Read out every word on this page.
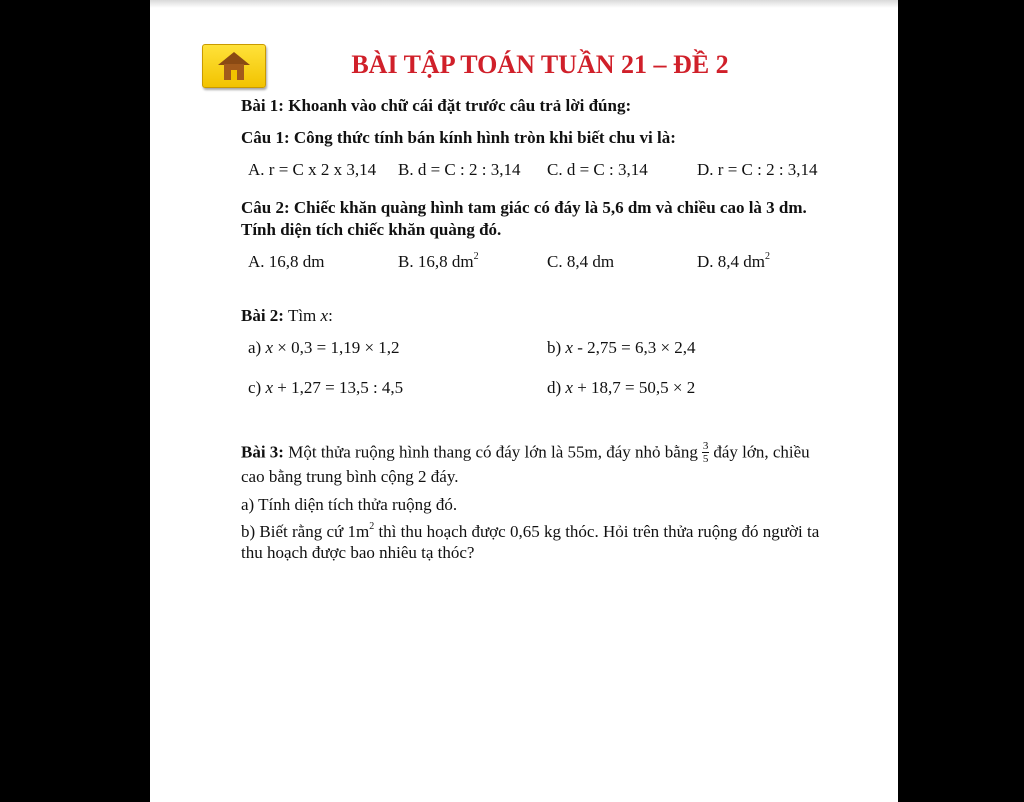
BÀI TẬP TOÁN TUẦN 21 – ĐỀ 2
Bài 1: Khoanh vào chữ cái đặt trước câu trả lời đúng:
Câu 1: Công thức tính bán kính hình tròn khi biết chu vi là:
A. r = C x 2 x 3,14 B. d = C : 2 : 3,14 C. d = C : 3,14	D. r = C : 2 : 3,14
Câu 2: Chiếc khăn quàng hình tam giác có đáy là 5,6 dm và chiều cao là 3 dm.
Tính diện tích chiếc khăn quàng đó.
A. 16,8 dm	B. 16,8 $dm^2$	C. 8,4 dm	D. 8,4 $dm^2$
Bài 2: Tìm x:
a) x × 0,3 = 1,19 × 1,2	b) x - 2,75 = 6,3 × 2,4
c) x + 1,27 = 13,5 : 4,5	d) x + 18,7 = 50,5 × 2
Bài 3: Một thửa ruộng hình thang có đáy lớn là 55m, đáy nhỏ bằng $\frac{3}{5}$ đáy lớn, chiều
cao bằng trung bình cộng 2 đáy.
a) Tính diện tích thửa ruộng đó.
b) Biết rằng cứ $1m^2$ thì thu hoạch được 0,65 kg thóc. Hỏi trên thửa ruộng đó người ta
thu hoạch được bao nhiêu tạ thóc?
